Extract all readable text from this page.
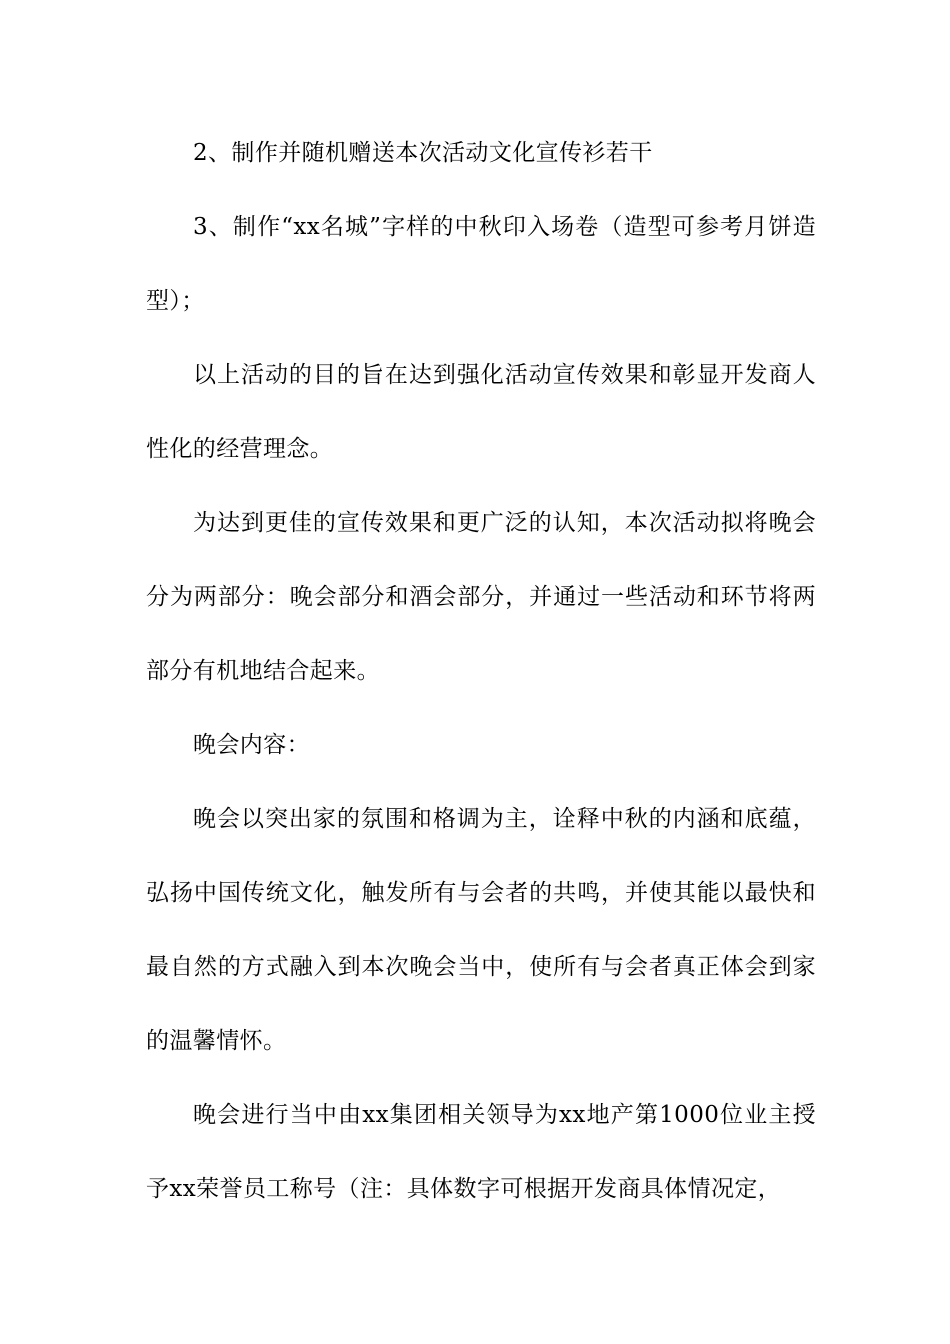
2、制作并随机赠送本次活动文化宣传衫若干

3、制作“xx名城”字样的中秋印入场卷（造型可参考月饼造型）；

以上活动的目的旨在达到强化活动宣传效果和彰显开发商人性化的经营理念。

为达到更佳的宣传效果和更广泛的认知，本次活动拟将晚会分为两部分：晚会部分和酒会部分，并通过一些活动和环节将两部分有机地结合起来。

晚会内容：

晚会以突出家的氛围和格调为主，诠释中秋的内涵和底蕴，弘扬中国传统文化，触发所有与会者的共鸣，并使其能以最快和最自然的方式融入到本次晚会当中，使所有与会者真正体会到家的温馨情怀。

晚会进行当中由xx集团相关领导为xx地产第1000位业主授予xx荣誉员工称号（注：具体数字可根据开发商具体情况定，
